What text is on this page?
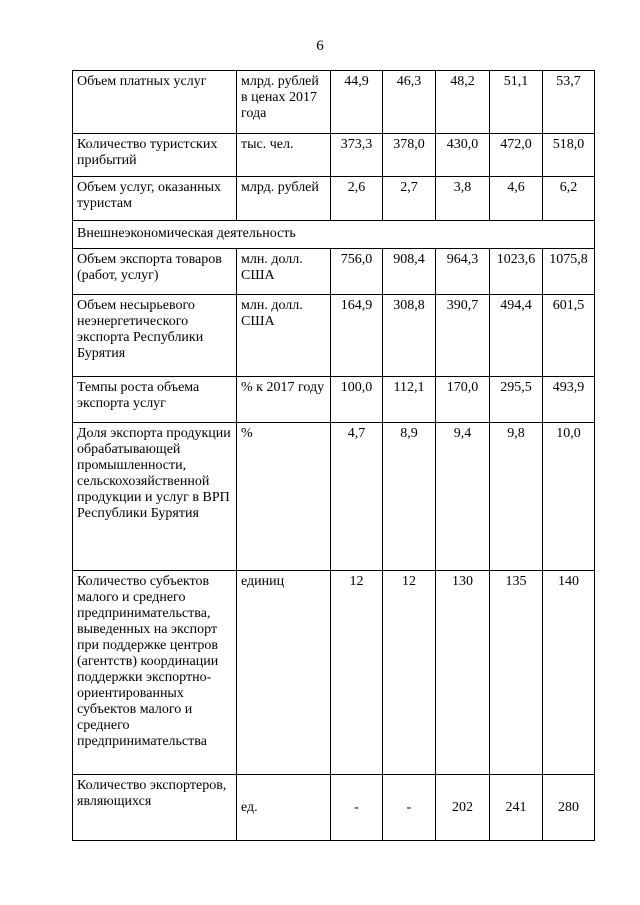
6
Объем платных услуг	млрд. рублей в ценах 2017 года	44,9	46,3	48,2	51,1	53,7
Количество туристских прибытий	тыс. чел.	373,3	378,0	430,0	472,0	518,0
Объем услуг, оказанных туристам	млрд. рублей	2,6	2,7	3,8	4,6	6,2
Внешнеэкономическая деятельность						
Объем экспорта товаров (работ, услуг)	млн. долл. США	756,0	908,4	964,3	1023,6	1075,8
Объем несырьевого неэнергетического экспорта Республики Бурятия	млн. долл. США	164,9	308,8	390,7	494,4	601,5
Темпы роста объема экспорта услуг	% к 2017 году	100,0	112,1	170,0	295,5	493,9
Доля экспорта продукции обрабатывающей промышленности, сельскохозяйственной продукции и услуг в ВРП Республики Бурятия	%	4,7	8,9	9,4	9,8	10,0
Количество субъектов малого и среднего предпринимательства, выведенных на экспорт при поддержке центров (агентств) координации поддержки экспортно-ориентированных субъектов малого и среднего предпринимательства	единиц	12	12	130	135	140
Количество экспортеров, являющихся	ед.	-	-	202	241	280
